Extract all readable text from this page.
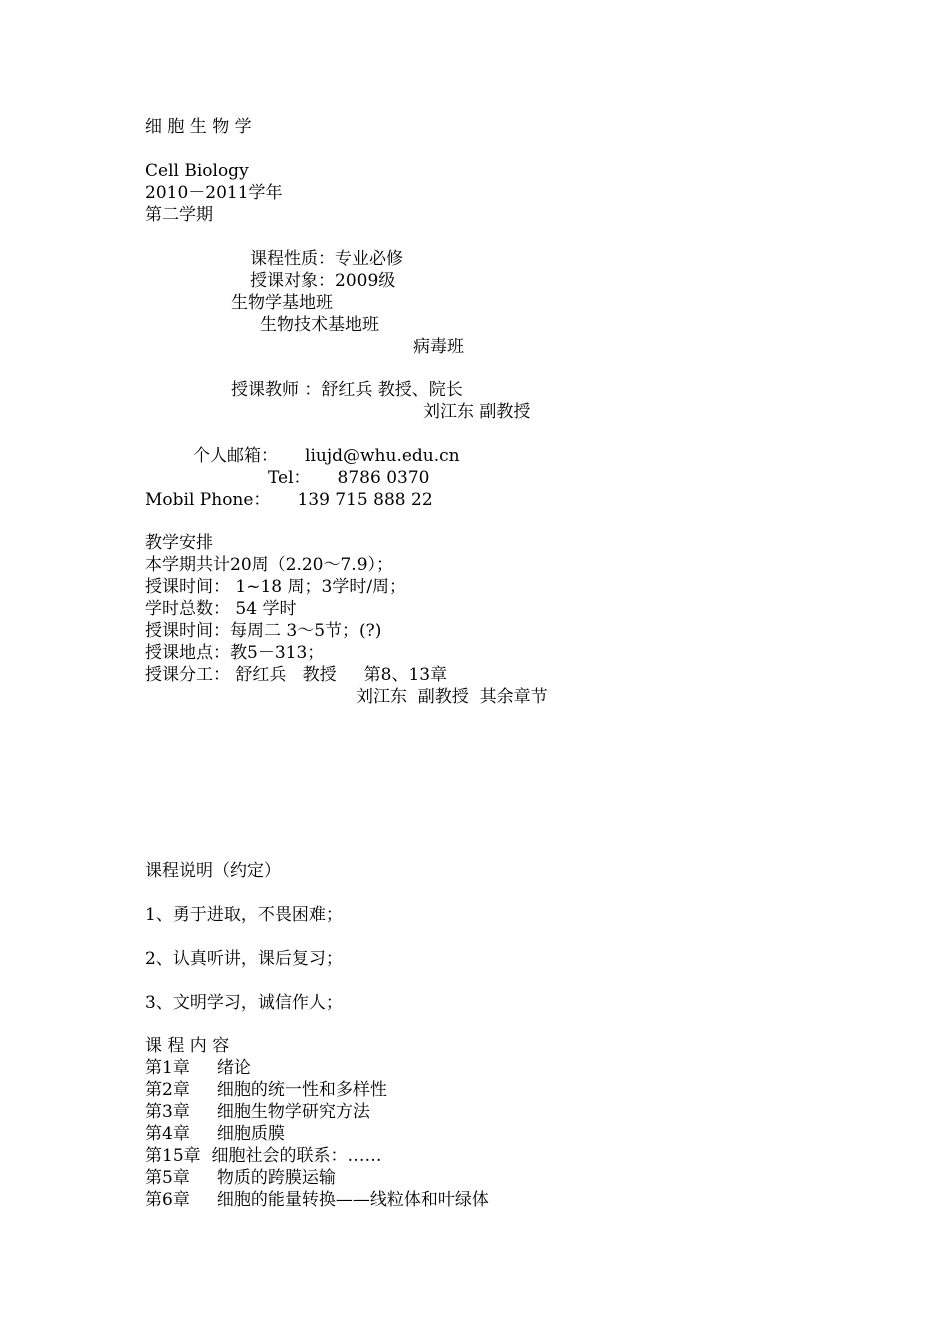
细 胞 生 物 学

Cell Biology

2010－2011学年

第二学期

课程性质：专业必修

授课对象：2009级

生物学基地班

生物技术基地班

病毒班

授课教师 ：舒红兵 教授、院长

刘江东 副教授

个人邮箱：     liujd@whu.edu.cn

Tel：     8786 0370

Mobil Phone：     139 715 888 22

教学安排

本学期共计20周（2.20～7.9）；

授课时间： 1~18 周；3学时/周；

学时总数： 54 学时

授课时间：每周二 3～5节；(?)

授课地点：教5－313；

授课分工： 舒红兵   教授     第8、13章

刘江东  副教授  其余章节

课程说明（约定）

1、勇于进取，不畏困难；

2、认真听讲，课后复习；

3、文明学习，诚信作人；

课 程 内 容

第1章     绪论

第2章     细胞的统一性和多样性

第3章     细胞生物学研究方法

第4章     细胞质膜

第15章  细胞社会的联系：……

第5章     物质的跨膜运输

第6章     细胞的能量转换——线粒体和叶绿体
